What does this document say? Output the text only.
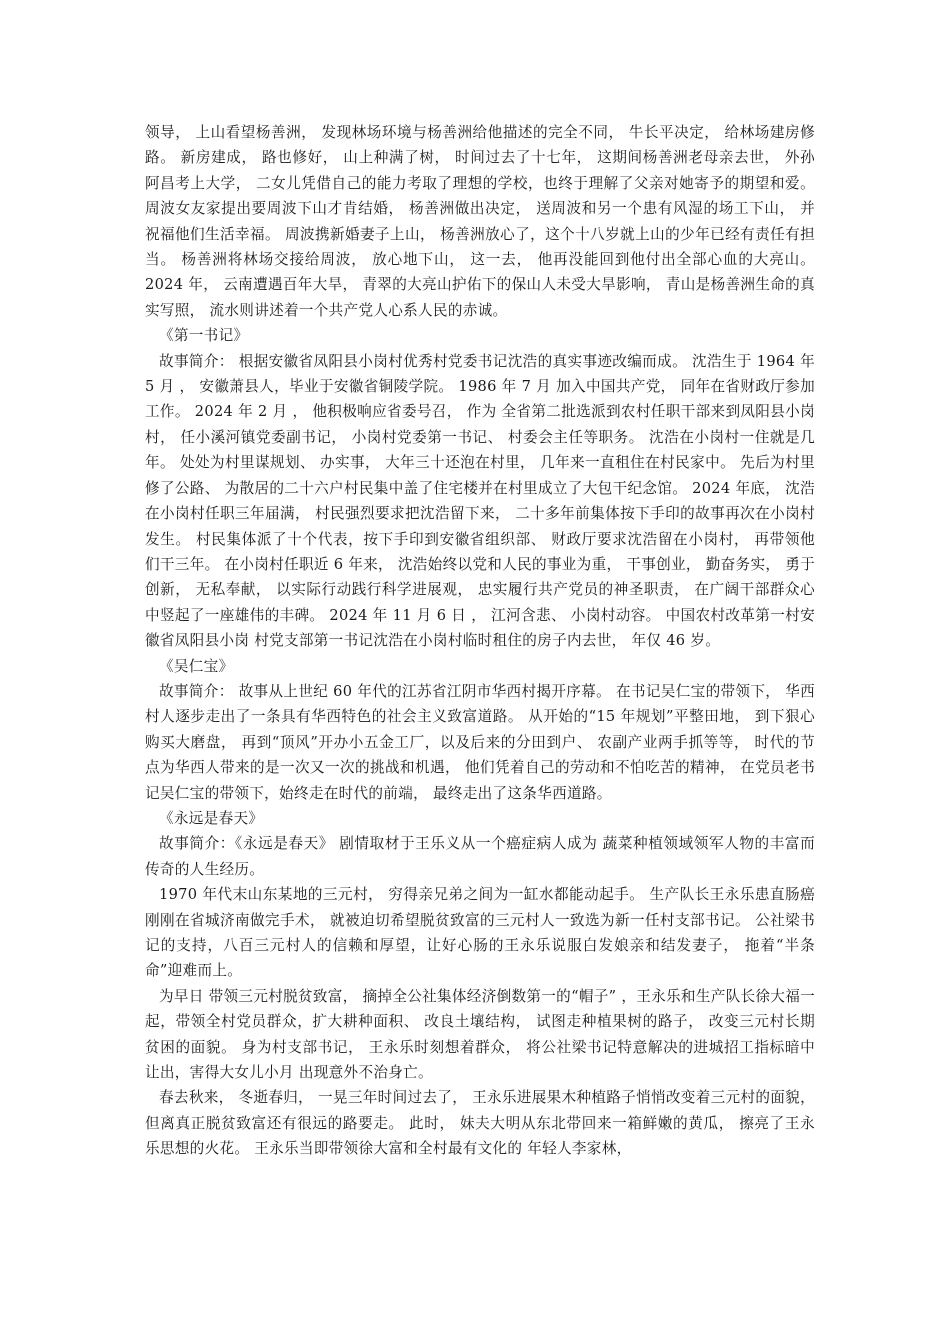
领导， 上山看望杨善洲， 发现林场环境与杨善洲给他描述的完全不同， 牛长平决定， 给林场建房修路。 新房建成， 路也修好， 山上种满了树， 时间过去了十七年， 这期间杨善洲老母亲去世， 外孙阿昌考上大学， 二女儿凭借自己的能力考取了理想的学校，也终于理解了父亲对她寄予的期望和爱。 周波女友家提出要周波下山才肯结婚， 杨善洲做出决定， 送周波和另一个患有风湿的场工下山， 并祝福他们生活幸福。 周波携新婚妻子上山， 杨善洲放心了，这个十八岁就上山的少年已经有责任有担当。 杨善洲将林场交接给周波， 放心地下山， 这一去， 他再没能回到他付出全部心血的大亮山。 2024 年， 云南遭遇百年大旱， 青翠的大亮山护佑下的保山人未受大旱影响， 青山是杨善洲生命的真实写照， 流水则讲述着一个共产党人心系人民的赤诚。

《第一书记》

故事简介： 根据安徽省凤阳县小岗村优秀村党委书记沈浩的真实事迹改编而成。 沈浩生于 1964 年 5 月 ， 安徽萧县人，毕业于安徽省铜陵学院。 1986 年 7 月 加入中国共产党， 同年在省财政厅参加工作。 2024 年 2 月 ， 他积极响应省委号召， 作为 全省第二批选派到农村任职干部来到凤阳县小岗村， 任小溪河镇党委副书记， 小岗村党委第一书记、 村委会主任等职务。 沈浩在小岗村一住就是几年。 处处为村里谋规划、 办实事， 大年三十还泡在村里， 几年来一直租住在村民家中。 先后为村里修了公路、 为散居的二十六户村民集中盖了住宅楼并在村里成立了大包干纪念馆。 2024 年底， 沈浩在小岗村任职三年届满， 村民强烈要求把沈浩留下来， 二十多年前集体按下手印的故事再次在小岗村发生。 村民集体派了十个代表，按下手印到安徽省组织部、 财政厅要求沈浩留在小岗村， 再带领他们干三年。 在小岗村任职近 6 年来， 沈浩始终以党和人民的事业为重， 干事创业， 勤奋务实， 勇于创新， 无私奉献， 以实际行动践行科学进展观， 忠实履行共产党员的神圣职责， 在广阔干部群众心中竖起了一座雄伟的丰碑。 2024 年 11 月 6 日 ， 江河含悲、 小岗村动容。 中国农村改革第一村安徽省凤阳县小岗 村党支部第一书记沈浩在小岗村临时租住的房子内去世， 年仅 46 岁。

《吴仁宝》

故事简介： 故事从上世纪 60 年代的江苏省江阴市华西村揭开序幕。 在书记吴仁宝的带领下， 华西村人逐步走出了一条具有华西特色的社会主义致富道路。 从开始的“15 年规划”平整田地， 到下狠心购买大磨盘， 再到“顶风”开办小五金工厂，以及后来的分田到户、 农副产业两手抓等等， 时代的节点为华西人带来的是一次又一次的挑战和机遇， 他们凭着自己的劳动和不怕吃苦的精神， 在党员老书记吴仁宝的带领下，始终走在时代的前端， 最终走出了这条华西道路。

《永远是春天》

故事简介：《永远是春天》 剧情取材于王乐义从一个癌症病人成为 蔬菜种植领域领军人物的丰富而传奇的人生经历。

1970 年代末山东某地的三元村， 穷得亲兄弟之间为一缸水都能动起手。 生产队长王永乐患直肠癌刚刚在省城济南做完手术， 就被迫切希望脱贫致富的三元村人一致选为新一任村支部书记。 公社梁书记的支持，八百三元村人的信赖和厚望，让好心肠的王永乐说服白发娘亲和结发妻子， 拖着“半条命”迎难而上。

为早日 带领三元村脱贫致富， 摘掉全公社集体经济倒数第一的“帽子” ，王永乐和生产队长徐大福一起，带领全村党员群众，扩大耕种面积、 改良土壤结构， 试图走种植果树的路子， 改变三元村长期贫困的面貌。 身为村支部书记， 王永乐时刻想着群众， 将公社梁书记特意解决的进城招工指标暗中让出，害得大女儿小月 出现意外不治身亡。

春去秋来， 冬逝春归， 一晃三年时间过去了， 王永乐进展果木种植路子悄悄改变着三元村的面貌， 但离真正脱贫致富还有很远的路要走。 此时， 妹夫大明从东北带回来一箱鲜嫩的黄瓜， 擦亮了王永乐思想的火花。 王永乐当即带领徐大富和全村最有文化的 年轻人李家林，
